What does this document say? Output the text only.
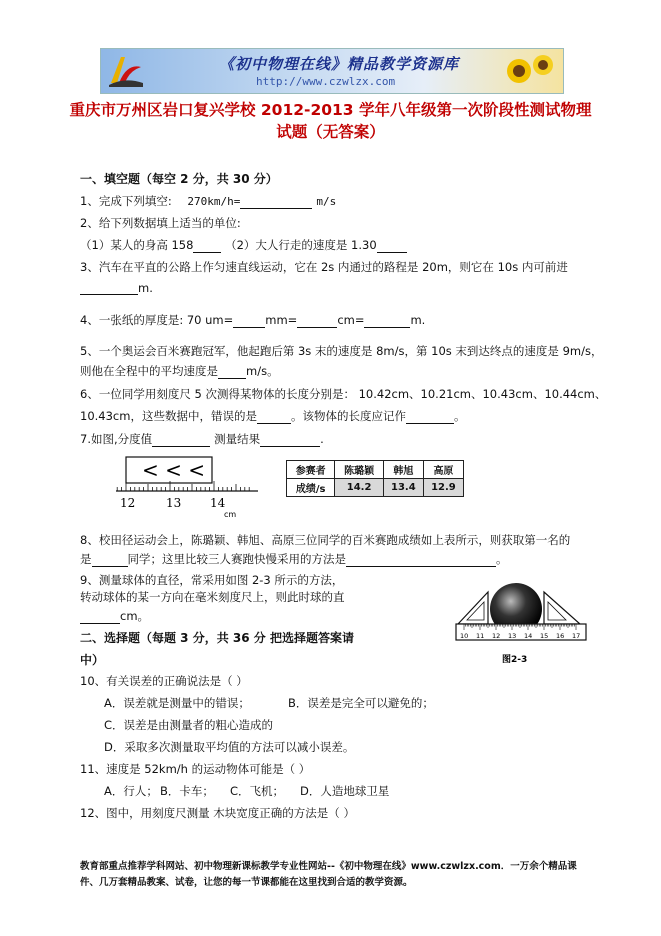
《初中物理在线》精品教学资源库
http://www.czwlzx.com
重庆市万州区岩口复兴学校 2012-2013 学年八年级第一次阶段性测试物理
试题（无答案）
一、填空题（每空 2 分，共 30 分）
1、完成下列填空: 270km/h=	m/s
2、给下列数据填上适当的单位:
（1）某人的身高 158	（2）大人行走的速度是 1.30
3、汽车在平直的公路上作匀速直线运动，它在 2s 内通过的路程是 20m，则它在 10s 内可前进
m.
4、一张纸的厚度是: 70 um=	mm=	cm=	m.
5、一个奥运会百米赛跑冠军，他起跑后第 3s 末的速度是 8m/s，第 10s 末到达终点的速度是 9m/s，
则他在全程中的平均速度是 m/s。
6、一位同学用刻度尺 5 次测得某物体的长度分别是： 10.42cm、10.21cm、10.43cm、10.44cm、
10.43cm，这些数据中，错误的是	。该物体的长度应记作	。
7.如图,分度值	测量结果	.
< < <
12	13 14
cm
参赛者	陈璐颖	韩旭	高原
成绩/s	14.2	13.4	12.9
8、校田径运动会上，陈璐颖、韩旭、高原三位同学的百米赛跑成绩如上表所示，则获取第一名的
是	同学；这里比较三人赛跑快慢采用的方法是	。
9、测量球体的直径，常采用如图 2-3 所示的方法，
转动球体的某一方向在毫米刻度尺上，则此时球的直
cm。
10 11 12 13 14 15 16 17
图2-3
二、选择题（每题 3 分，共 36 分 把选择题答案请
中）
10、有关误差的正确说法是（ ）
A．误差就是测量中的错误；	B．误差是完全可以避免的；
C．误差是由测量者的粗心造成的
D．采取多次测量取平均值的方法可以减小误差。
11、速度是 52km/h 的运动物体可能是（ ）
A．行人； B．卡车； C．飞机； D．人造地球卫星
12、图中，用刻度尺测量 木块宽度正确的方法是（ ）
教育部重点推荐学科网站、初中物理新课标教学专业性网站--《初中物理在线》www.czwlzx.com．一万余个精品课
件、几万套精品教案、试卷，让您的每一节课都能在这里找到合适的教学资源。
